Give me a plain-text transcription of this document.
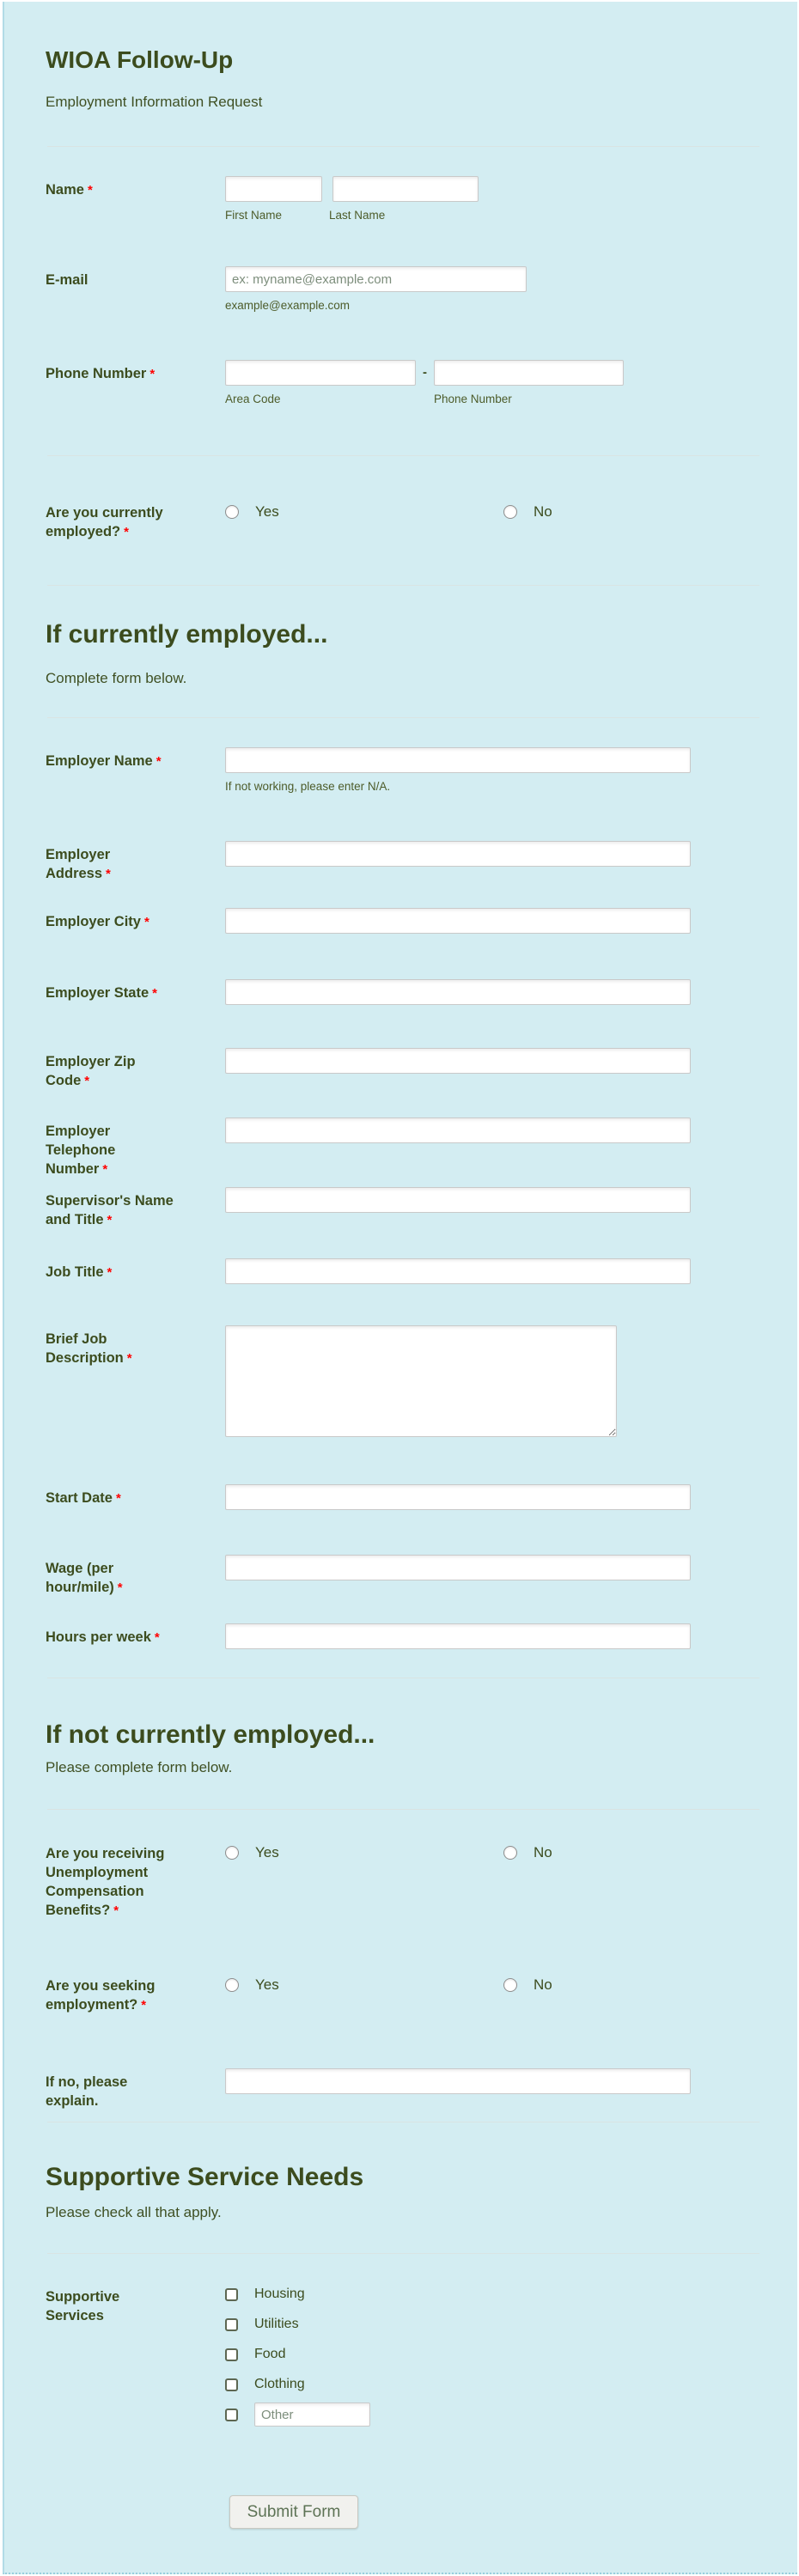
WIOA Follow-Up
Employment Information Request
Name *

First Name	Last Name
E-mail
ex: myname@example.com
example@example.com
Phone Number *	-
Area Code	Phone Number
Are you currently employed? *
Yes	No
If currently employed...
Complete form below.
Employer Name *
If not working, please enter N/A.
Employer Address *
Employer City *
Employer State *
Employer Zip Code *
Employer Telephone Number *
Supervisor's Name and Title *
Job Title *
Brief Job Description *
Start Date *
Wage (per hour/mile) *
Hours per week *
If not currently employed...
Please complete form below.
Are you receiving Unemployment Compensation Benefits? *
Yes	No
Are you seeking employment? *
Yes	No
If no, please explain.
Supportive Service Needs
Please check all that apply.
Supportive Services
Housing
Utilities
Food
Clothing
Other
Submit Form
